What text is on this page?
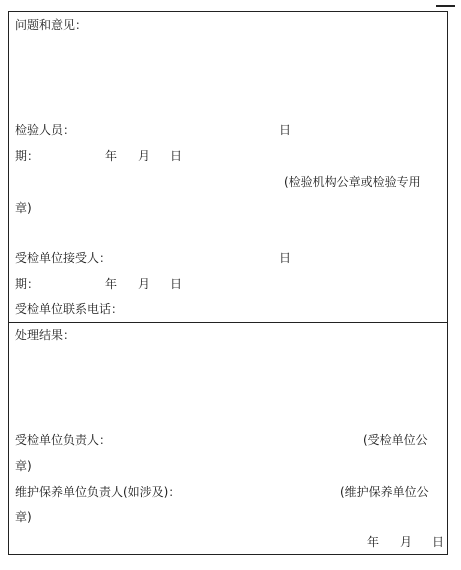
问题和意见：
检验人员：	日
期：	年 月 日
(检验机构公章或检验专用
章)
受检单位接受人：	日
期：	年 月 日
受检单位联系电话：
处理结果：
受检单位负责人：	(受检单位公
章)
维护保养单位负责人(如涉及)：	(维护保养单位公
章)
年 月 日
